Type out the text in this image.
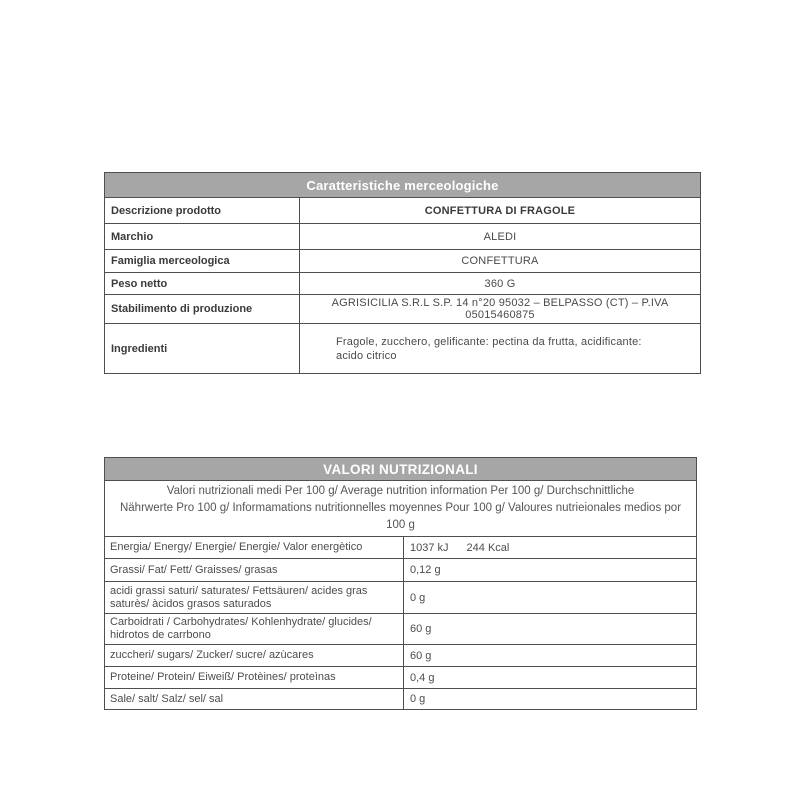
Caratteristiche merceologiche	
Descrizione prodotto	CONFETTURA DI FRAGOLE
Marchio	ALEDI
Famiglia merceologica	CONFETTURA
Peso netto	360 G
Stabilimento di produzione	AGRISICILIA S.R.L S.P. 14 n°20 95032 – BELPASSO (CT) – P.IVA 05015460875
Ingredienti	Fragole, zucchero, gelificante: pectina da frutta, acidificante:
acido citrico
VALORI NUTRIZIONALI	

Valori nutrizionali medi Per 100 g/ Average nutrition information Per 100 g/ Durchschnittliche
Nährwerte Pro 100 g/ Informamations nutritionnelles moyennes Pour 100 g/ Valoures nutrieionales medios por 100 g	

Energia/ Energy/ Energie/ Energie/ Valor energètico	1037 kJ 244 Kcal
Grassi/ Fat/ Fett/ Graisses/ grasas	0,12 g
acidi grassi saturi/ saturates/ Fettsäuren/ acides gras saturès/ àcidos grasos saturados	0 g
Carboidrati / Carbohydrates/ Kohlenhydrate/ glucides/ hidrotos de carrbono	60 g
zuccheri/ sugars/ Zucker/ sucre/ azùcares	60 g
Proteine/ Protein/ Eiweiß/ Protèines/ proteìnas	0,4 g
Sale/ salt/ Salz/ sel/ sal	0 g
